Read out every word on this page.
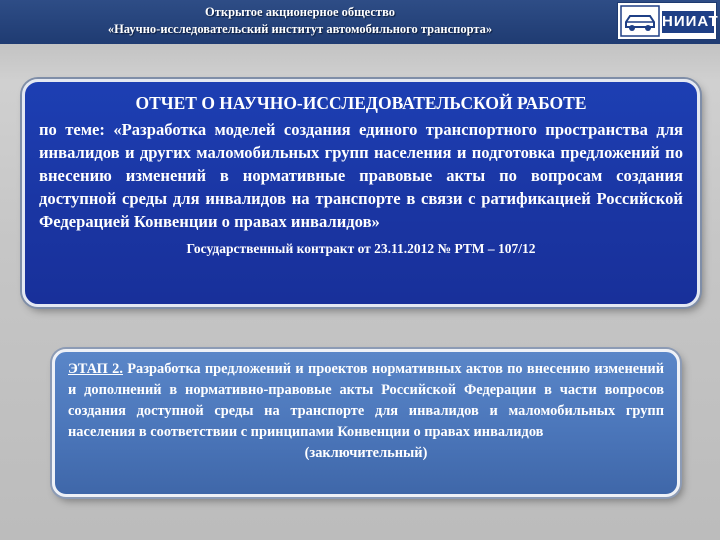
Открытое акционерное общество
«Научно-исследовательский институт автомобильного транспорта»	НИИАТ
ОТЧЕТ О НАУЧНО-ИССЛЕДОВАТЕЛЬСКОЙ РАБОТЕ
по теме: «Разработка моделей создания единого транспортного пространства для инвалидов и других маломобильных групп населения и подготовка предложений по внесению изменений в нормативные правовые акты по вопросам создания доступной среды для инвалидов на транспорте в связи с ратификацией Российской Федерацией Конвенции о правах инвалидов»
Государственный контракт от 23.11.2012 № РТМ – 107/12
ЭТАП 2. Разработка предложений и проектов нормативных актов по внесению изменений и дополнений в нормативно-правовые акты Российской Федерации в части вопросов создания доступной среды на транспорте для инвалидов и маломобильных групп населения в соответствии с принципами Конвенции о правах инвалидов
(заключительный)
